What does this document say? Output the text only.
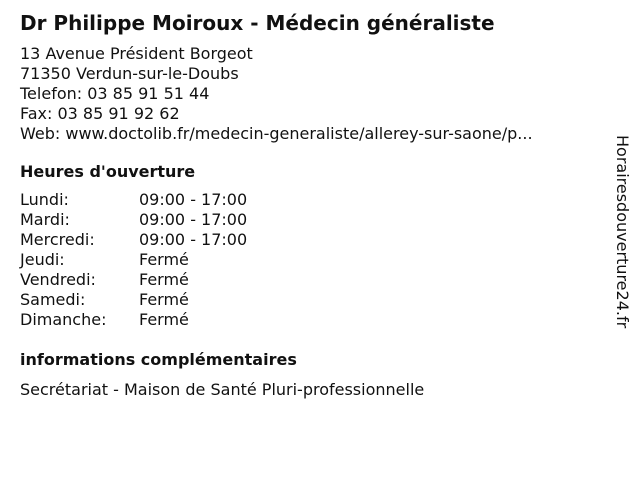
Dr Philippe Moiroux - Médecin généraliste
13 Avenue Président Borgeot
71350 Verdun-sur-le-Doubs
Telefon: 03 85 91 51 44
Fax: 03 85 91 92 62
Web: www.doctolib.fr/medecin-generaliste/allerey-sur-saone/p...
Heures d'ouverture
Lundi:	09:00 - 17:00
Mardi:	09:00 - 17:00
Mercredi:	09:00 - 17:00
Jeudi:	Fermé
Vendredi:	Fermé
Samedi:	Fermé
Dimanche:	Fermé
informations complémentaires
Secrétariat - Maison de Santé Pluri-professionnelle
Horairesdouverture24.fr
